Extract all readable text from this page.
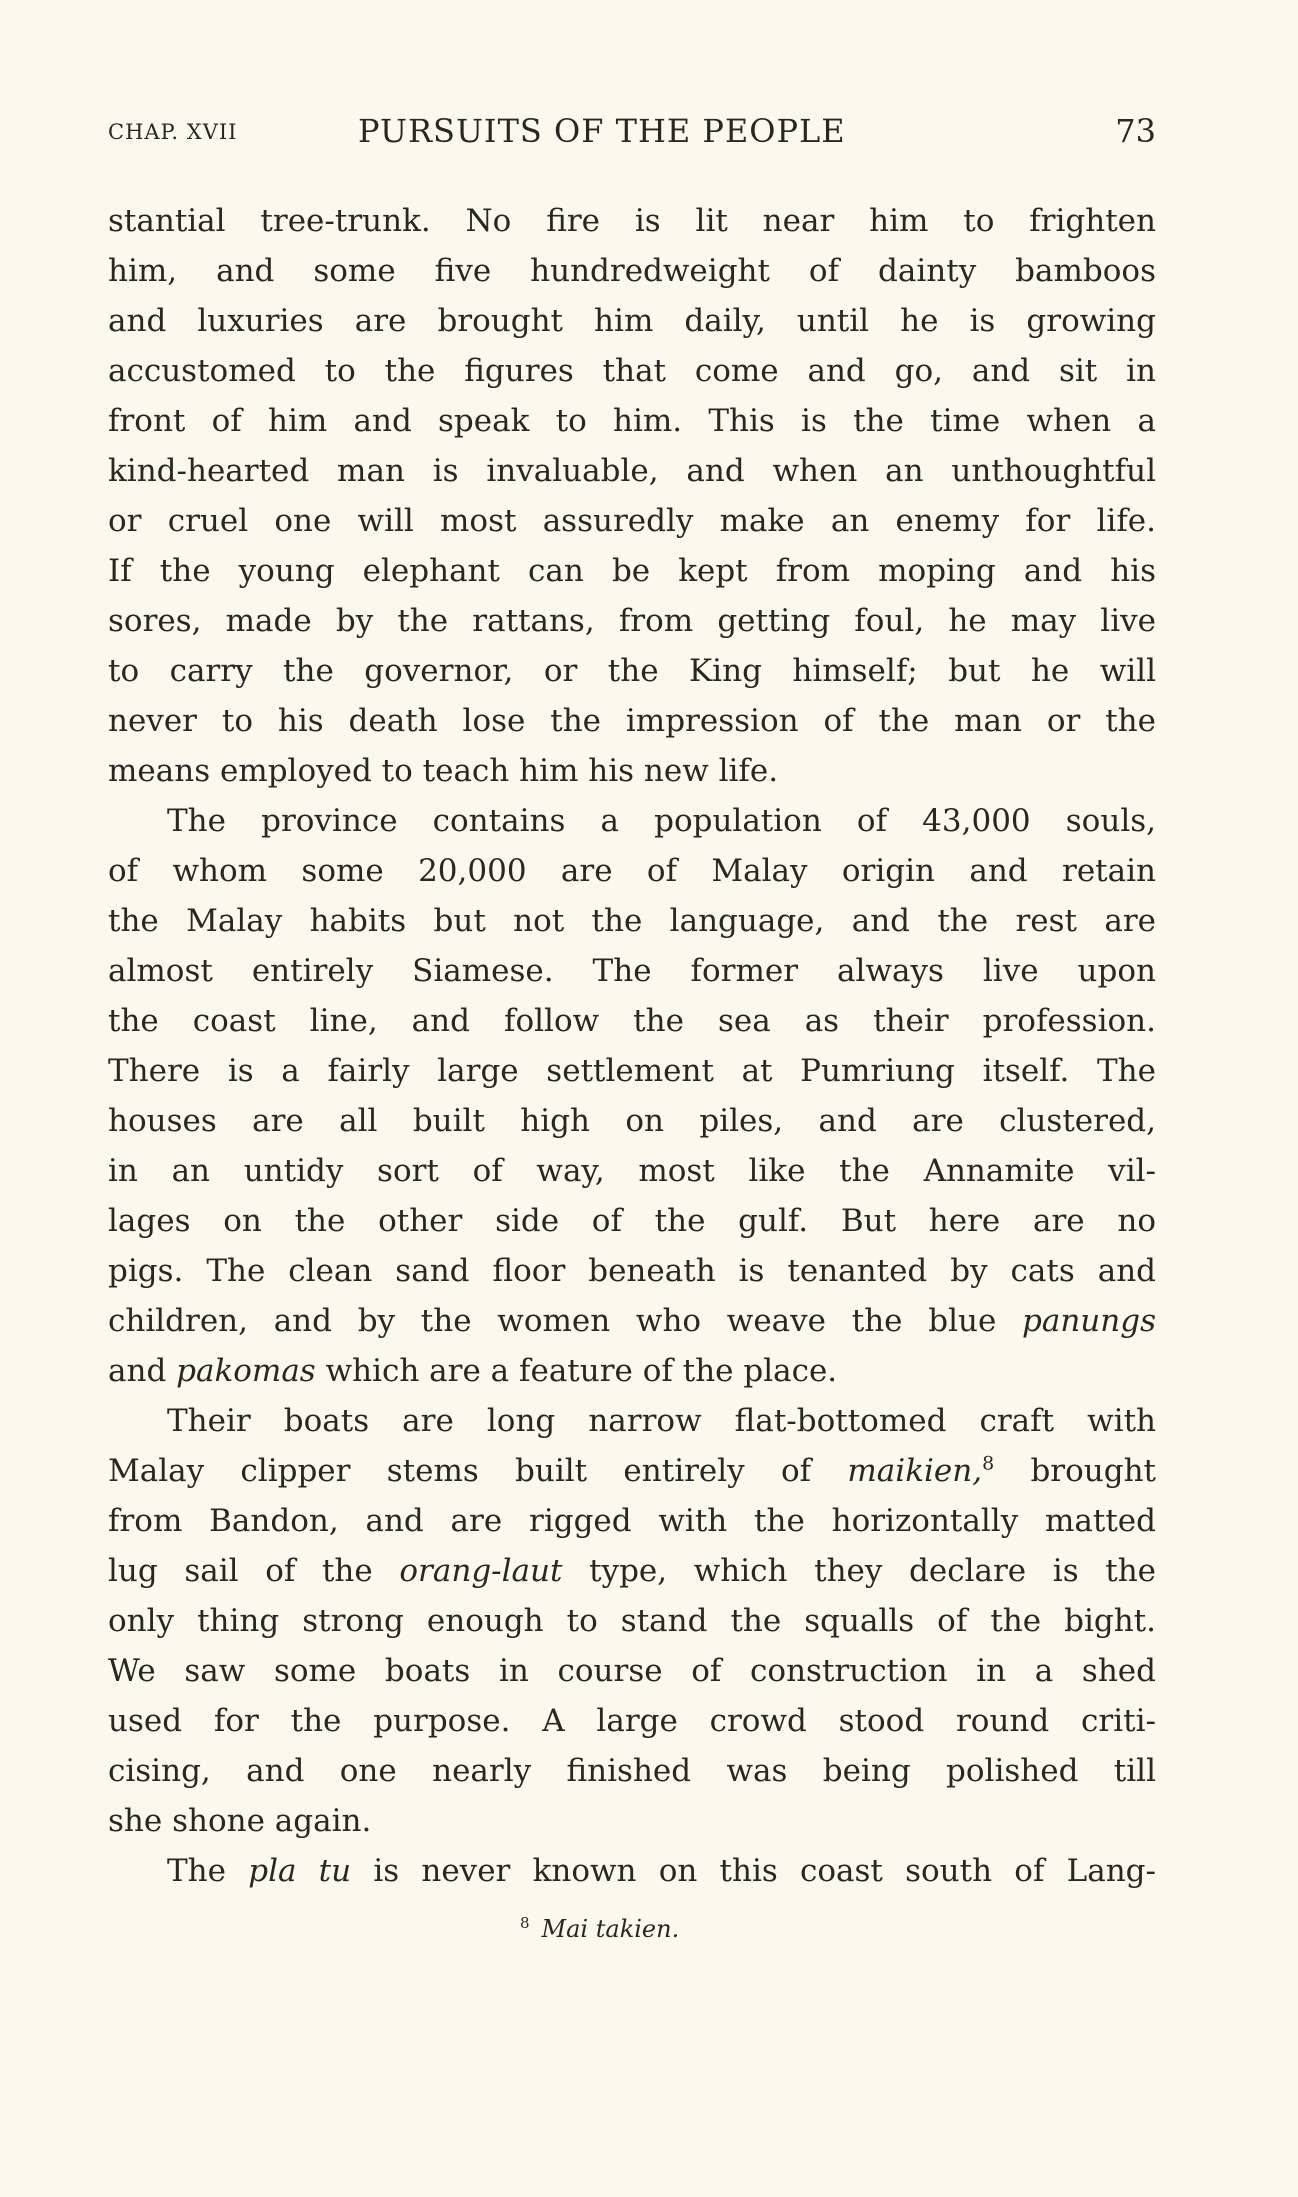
CHAP. XVII	PURSUITS OF THE PEOPLE	73
stantial tree-trunk. No fire is lit near him to frighten
him, and some five hundredweight of dainty bamboos
and luxuries are brought him daily, until he is growing
accustomed to the figures that come and go, and sit in
front of him and speak to him. This is the time when a
kind-hearted man is invaluable, and when an unthoughtful
or cruel one will most assuredly make an enemy for life.
If the young elephant can be kept from moping and his
sores, made by the rattans, from getting foul, he may live
to carry the governor, or the King himself; but he will
never to his death lose the impression of the man or the
means employed to teach him his new life.
The province contains a population of 43,000 souls,
of whom some 20,000 are of Malay origin and retain
the Malay habits but not the language, and the rest are
almost entirely Siamese. The former always live upon
the coast line, and follow the sea as their profession.
There is a fairly large settlement at Pumriung itself. The
houses are all built high on piles, and are clustered,
in an untidy sort of way, most like the Annamite vil-
lages on the other side of the gulf. But here are no
pigs. The clean sand floor beneath is tenanted by cats and
children, and by the women who weave the blue panungs
and pakomas which are a feature of the place.
Their boats are long narrow flat-bottomed craft with
Malay clipper stems built entirely of maikien,$^8$ brought
from Bandon, and are rigged with the horizontally matted
lug sail of the orang-laut type, which they declare is the
only thing strong enough to stand the squalls of the bight.
We saw some boats in course of construction in a shed
used for the purpose. A large crowd stood round criti-
cising, and one nearly finished was being polished till
she shone again.
The pla tu is never known on this coast south of Lang-
$^8$ Mai takien.
